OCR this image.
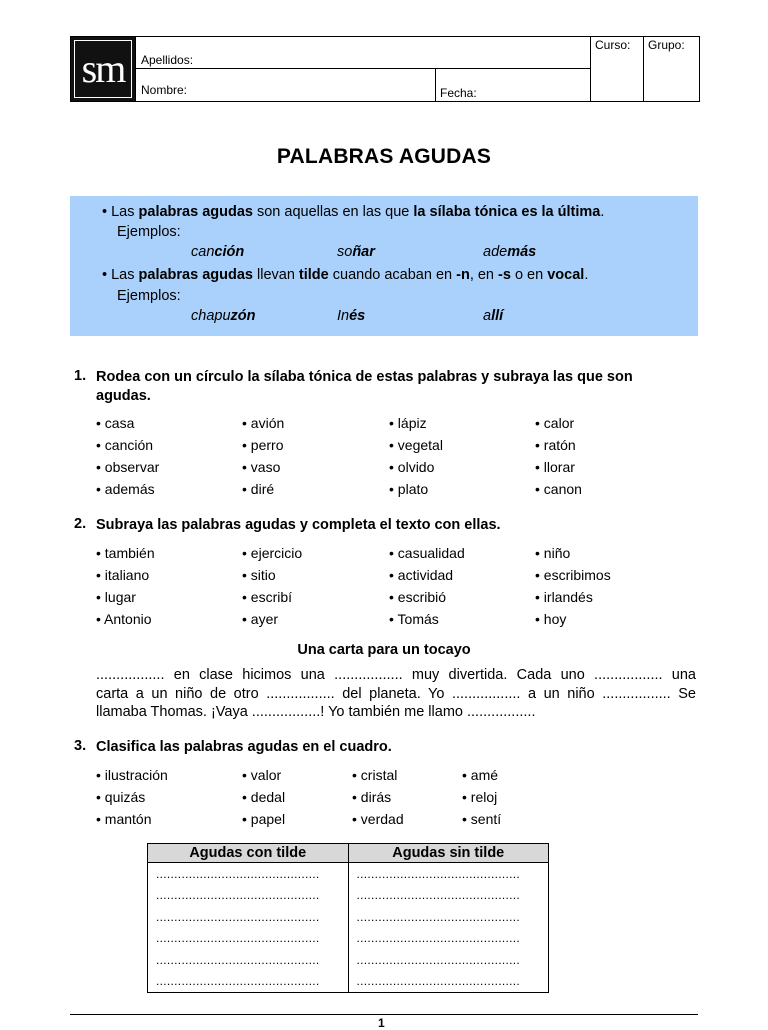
sm	Apellidos:
Nombre:	Fecha:
Curso: Grupo:
PALABRAS AGUDAS
• Las palabras agudas son aquellas en las que la sílaba tónica es la última.
Ejemplos:
canción	soñar	además
• Las palabras agudas llevan tilde cuando acaban en -n, en -s o en vocal.
Ejemplos:
chapuzón	Inés	allí
1. Rodea con un círculo la sílaba tónica de estas palabras y subraya las que son
agudas.
• casa	• avión	• lápiz	• calor
• canción	• perro	• vegetal	• ratón
• observar	• vaso	• olvido	• llorar
• además	• diré	• plato	• canon
2. Subraya las palabras agudas y completa el texto con ellas.
• también	• ejercicio	• casualidad	• niño
• italiano	• sitio	• actividad	• escribimos
• lugar	• escribí	• escribió	• irlandés
• Antonio	• ayer	• Tomás	• hoy
Una carta para un tocayo
................. en clase hicimos una ................. muy divertida. Cada uno ................. una
carta a un niño de otro ................. del planeta. Yo ................. a un niño ................. Se
llamaba Thomas. ¡Vaya .................! Yo también me llamo .................
3. Clasifica las palabras agudas en el cuadro.
• ilustración	• valor	• cristal	• amé
• quizás	• dedal	• dirás	• reloj
• mantón	• papel	• verdad	• sentí
Agudas con tilde	Agudas sin tilde
.............................................	.............................................
.............................................	.............................................
.............................................	.............................................
.............................................	.............................................
.............................................	.............................................
.............................................	.............................................
1
